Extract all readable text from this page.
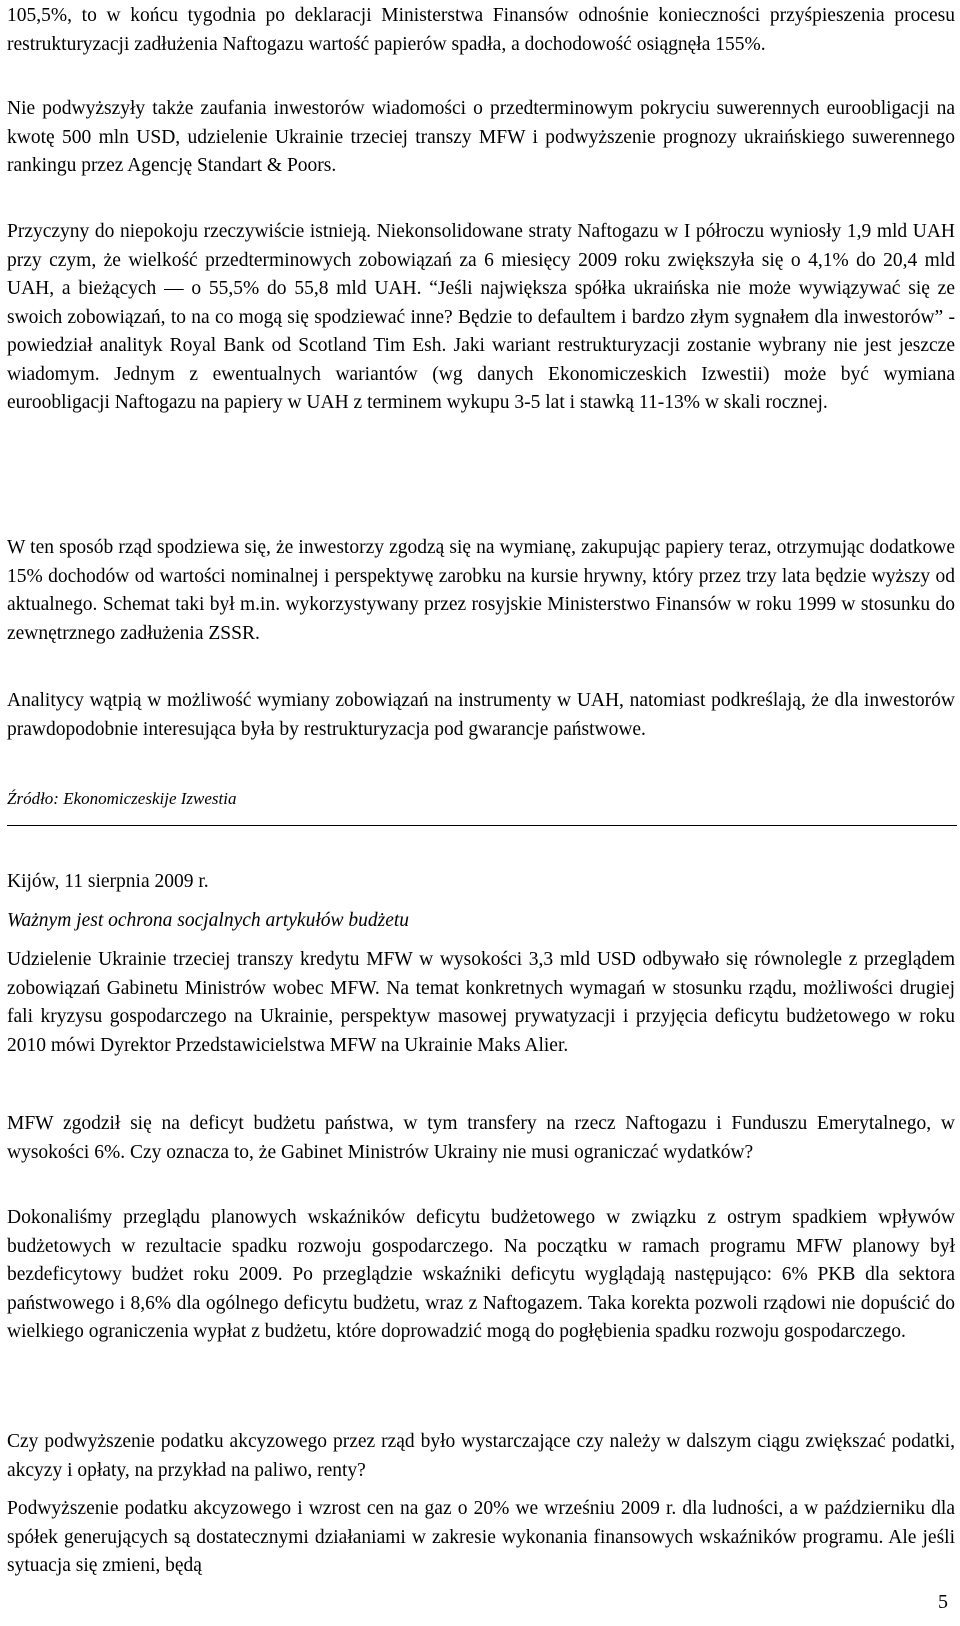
105,5%, to w końcu tygodnia po deklaracji Ministerstwa Finansów odnośnie konieczności przyśpieszenia procesu restrukturyzacji zadłużenia Naftogazu wartość papierów spadła, a dochodowość osiągnęła 155%.

Nie podwyższyły także zaufania inwestorów wiadomości o przedterminowym pokryciu suwerennych euroobligacji na kwotę 500 mln USD, udzielenie Ukrainie trzeciej transzy MFW i podwyższenie prognozy ukraińskiego suwerennego rankingu przez Agencję Standart & Poors.

Przyczyny do niepokoju rzeczywiście istnieją. Niekonsolidowane straty Naftogazu w I półroczu wyniosły 1,9 mld UAH przy czym, że wielkość przedterminowych zobowiązań za 6 miesięcy 2009 roku zwiększyła się o 4,1% do 20,4 mld UAH, a bieżących — o 55,5% do 55,8 mld UAH. “Jeśli największa spółka ukraińska nie może wywiązywać się ze swoich zobowiązań, to na co mogą się spodziewać inne? Będzie to defaultem i bardzo złym sygnałem dla inwestorów” - powiedział analityk Royal Bank od Scotland Tim Esh. Jaki wariant restrukturyzacji zostanie wybrany nie jest jeszcze wiadomym. Jednym z ewentualnych wariantów (wg danych Ekonomiczeskich Izwestii) może być wymiana euroobligacji Naftogazu na papiery w UAH z terminem wykupu 3-5 lat i stawką 11-13% w skali rocznej.

W ten sposób rząd spodziewa się, że inwestorzy zgodzą się na wymianę, zakupując papiery teraz, otrzymując dodatkowe 15% dochodów od wartości nominalnej i perspektywę zarobku na kursie hrywny, który przez trzy lata będzie wyższy od aktualnego. Schemat taki był m.in. wykorzystywany przez rosyjskie Ministerstwo Finansów w roku 1999 w stosunku do zewnętrznego zadłużenia ZSSR.

Analitycy wątpią w możliwość wymiany zobowiązań na instrumenty w UAH, natomiast podkreślają, że dla inwestorów prawdopodobnie interesująca była by restrukturyzacja pod gwarancje państwowe.

Źródło: Ekonomiczeskije Izwestia

Kijów, 11 sierpnia 2009 r.

Ważnym jest ochrona socjalnych artykułów budżetu

Udzielenie Ukrainie trzeciej transzy kredytu MFW w wysokości 3,3 mld USD odbywało się równolegle z przeglądem zobowiązań Gabinetu Ministrów wobec MFW. Na temat konkretnych wymagań w stosunku rządu, możliwości drugiej fali kryzysu gospodarczego na Ukrainie, perspektyw masowej prywatyzacji i przyjęcia deficytu budżetowego w roku 2010 mówi Dyrektor Przedstawicielstwa MFW na Ukrainie Maks Alier.

MFW zgodził się na deficyt budżetu państwa, w tym transfery na rzecz Naftogazu i Funduszu Emerytalnego, w wysokości 6%. Czy oznacza to, że Gabinet Ministrów Ukrainy nie musi ograniczać wydatków?

Dokonaliśmy przeglądu planowych wskaźników deficytu budżetowego w związku z ostrym spadkiem wpływów budżetowych w rezultacie spadku rozwoju gospodarczego. Na początku w ramach programu MFW planowy był bezdeficytowy budżet roku 2009. Po przeglądzie wskaźniki deficytu wyglądają następująco: 6% PKB dla sektora państwowego i 8,6% dla ogólnego deficytu budżetu, wraz z Naftogazem. Taka korekta pozwoli rządowi nie dopuścić do wielkiego ograniczenia wypłat z budżetu, które doprowadzić mogą do pogłębienia spadku rozwoju gospodarczego.

Czy podwyższenie podatku akcyzowego przez rząd było wystarczające czy należy w dalszym ciągu zwiększać podatki, akcyzy i opłaty, na przykład na paliwo, renty?

Podwyższenie podatku akcyzowego i wzrost cen na gaz o 20% we wrześniu 2009 r. dla ludności, a w październiku dla spółek generujących są dostatecznymi działaniami w zakresie wykonania finansowych wskaźników programu. Ale jeśli sytuacja się zmieni, będą

5
